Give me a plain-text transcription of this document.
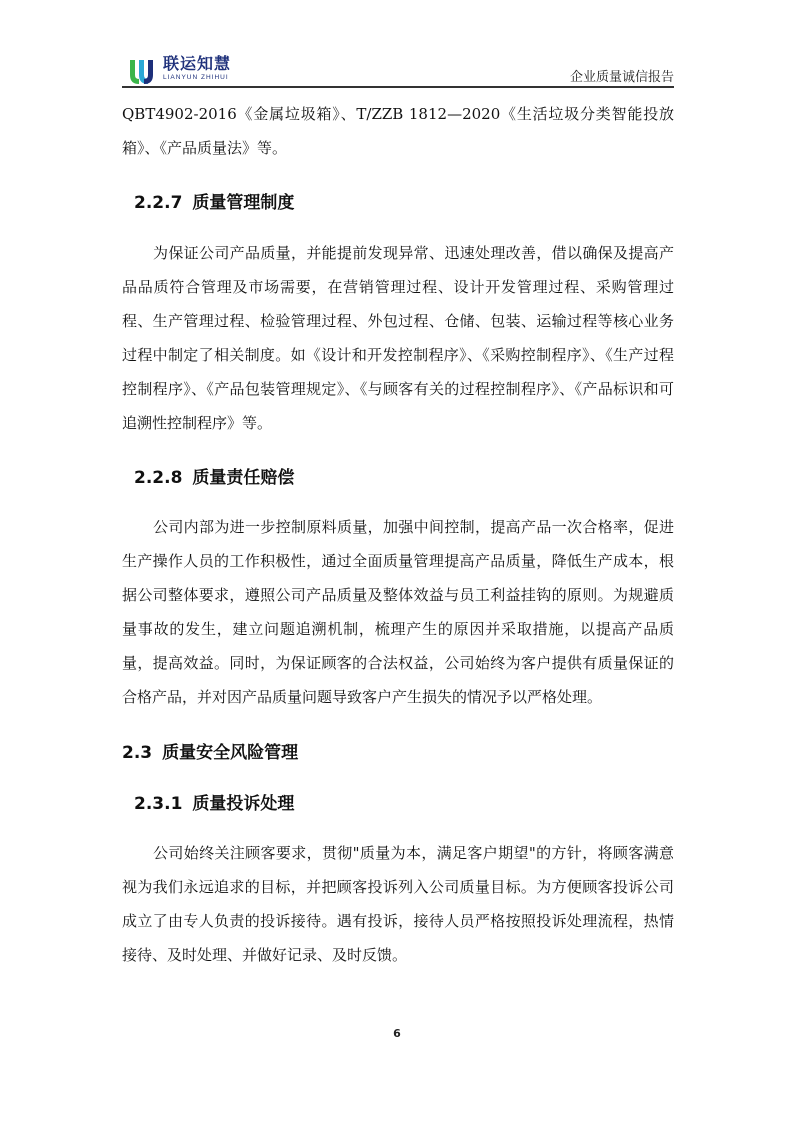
联运知慧
LIANYUN ZHIHUI	企业质量诚信报告

QBT4902-2016《金属垃圾箱》、T/ZZB 1812—2020《生活垃圾分类智能投放箱》、《产品质量法》等。

2.2.7 质量管理制度

为保证公司产品质量，并能提前发现异常、迅速处理改善，借以确保及提高产品品质符合管理及市场需要，在营销管理过程、设计开发管理过程、采购管理过程、生产管理过程、检验管理过程、外包过程、仓储、包装、运输过程等核心业务过程中制定了相关制度。如《设计和开发控制程序》、《采购控制程序》、《生产过程控制程序》、《产品包装管理规定》、《与顾客有关的过程控制程序》、《产品标识和可追溯性控制程序》等。

2.2.8 质量责任赔偿

公司内部为进一步控制原料质量，加强中间控制，提高产品一次合格率，促进生产操作人员的工作积极性，通过全面质量管理提高产品质量，降低生产成本，根据公司整体要求，遵照公司产品质量及整体效益与员工利益挂钩的原则。为规避质量事故的发生，建立问题追溯机制，梳理产生的原因并采取措施，以提高产品质量，提高效益。同时，为保证顾客的合法权益，公司始终为客户提供有质量保证的合格产品，并对因产品质量问题导致客户产生损失的情况予以严格处理。

2.3 质量安全风险管理
2.3.1 质量投诉处理

公司始终关注顾客要求，贯彻"质量为本，满足客户期望"的方针，将顾客满意视为我们永远追求的目标，并把顾客投诉列入公司质量目标。为方便顾客投诉公司成立了由专人负责的投诉接待。遇有投诉，接待人员严格按照投诉处理流程，热情接待、及时处理、并做好记录、及时反馈。

6
